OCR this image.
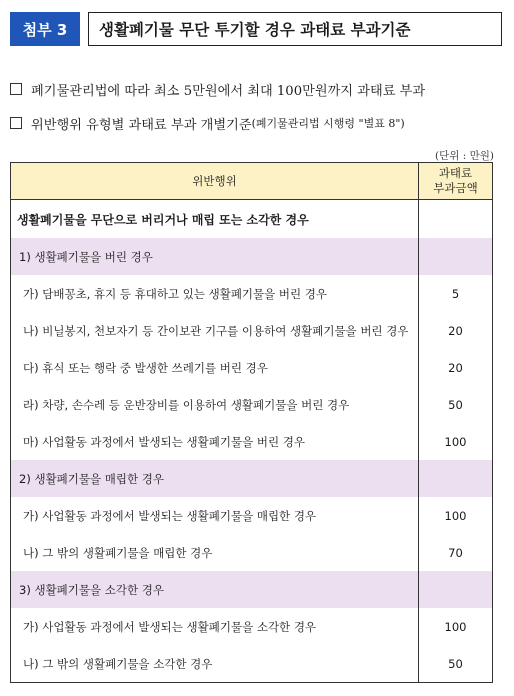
첨부 3	생활폐기물 무단 투기할 경우 과태료 부과기준
폐기물관리법에 따라 최소 5만원에서 최대 100만원까지 과태료 부과
위반행위 유형별 과태료 부과 개별기준 (폐기물관리법 시행령 "별표 8")
(단위 : 만원)
위반행위	과태료
부과금액
생활폐기물을 무단으로 버리거나 매립 또는 소각한 경우	
1) 생활폐기물을 버린 경우	
가) 담배꽁초, 휴지 등 휴대하고 있는 생활폐기물을 버린 경우	5
나) 비닐봉지, 천보자기 등 간이보관 기구를 이용하여 생활폐기물을 버린 경우	20
다) 휴식 또는 행락 중 발생한 쓰레기를 버린 경우	20
라) 차량, 손수레 등 운반장비를 이용하여 생활폐기물을 버린 경우	50
마) 사업활동 과정에서 발생되는 생활폐기물을 버린 경우	100
2) 생활폐기물을 매립한 경우	
가) 사업활동 과정에서 발생되는 생활폐기물을 매립한 경우	100
나) 그 밖의 생활폐기물을 매립한 경우	70
3) 생활폐기물을 소각한 경우	
가) 사업활동 과정에서 발생되는 생활폐기물을 소각한 경우	100
나) 그 밖의 생활폐기물을 소각한 경우	50
